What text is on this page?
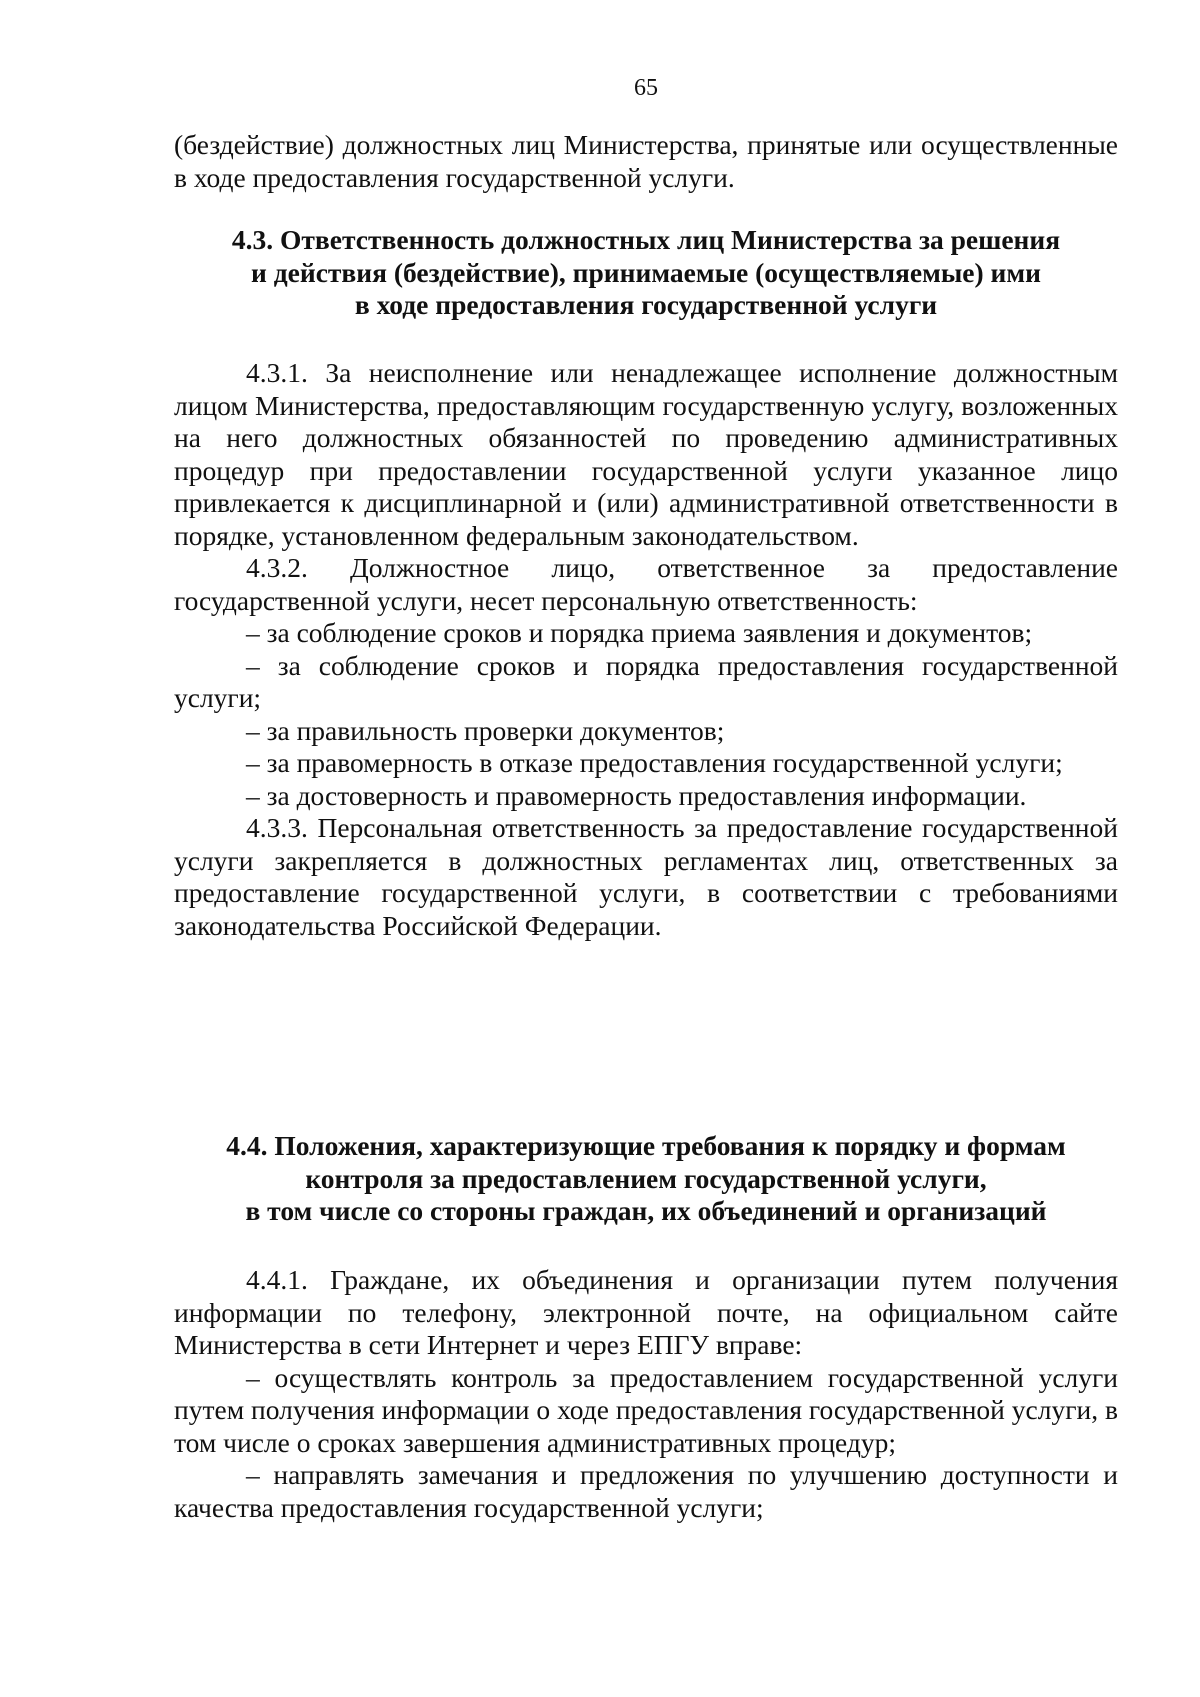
65

(бездействие) должностных лиц Министерства, принятые или осуществленные в ходе предоставления государственной услуги.

4.3. Ответственность должностных лиц Министерства за решения

и действия (бездействие), принимаемые (осуществляемые) ими

в ходе предоставления государственной услуги

4.3.1. За неисполнение или ненадлежащее исполнение должностным лицом Министерства, предоставляющим государственную услугу, возложенных на него должностных обязанностей по проведению административных процедур при предоставлении государственной услуги указанное лицо привлекается к дисциплинарной и (или) административной ответственности в порядке, установленном федеральным законодательством.

4.3.2. Должностное лицо, ответственное за предоставление государственной услуги, несет персональную ответственность:

– за соблюдение сроков и порядка приема заявления и документов;

– за соблюдение сроков и порядка предоставления государственной услуги;

– за правильность проверки документов;

– за правомерность в отказе предоставления государственной услуги;

– за достоверность и правомерность предоставления информации.

4.3.3. Персональная ответственность за предоставление государственной услуги закрепляется в должностных регламентах лиц, ответственных за предоставление государственной услуги, в соответствии с требованиями законодательства Российской Федерации.

4.4. Положения, характеризующие требования к порядку и формам

контроля за предоставлением государственной услуги,

в том числе со стороны граждан, их объединений и организаций

4.4.1. Граждане, их объединения и организации путем получения информации по телефону, электронной почте, на официальном сайте Министерства в сети Интернет и через ЕПГУ вправе:

– осуществлять контроль за предоставлением государственной услуги путем получения информации о ходе предоставления государственной услуги, в том числе о сроках завершения административных процедур;

– направлять замечания и предложения по улучшению доступности и качества предоставления государственной услуги;
